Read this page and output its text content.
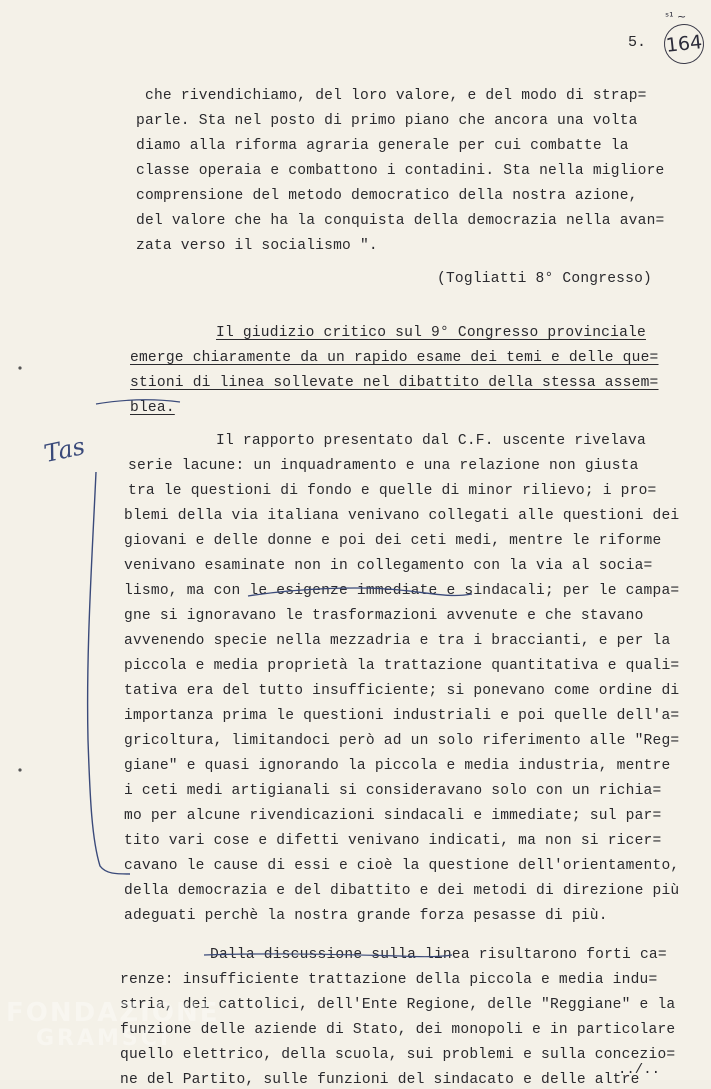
ˢ¹ ~
5. 164
che rivendichiamo, del loro valore, e del modo di strap=
parle. Sta nel posto di primo piano che ancora una volta
diamo alla riforma agraria generale per cui combatte la
classe operaia e combattono i contadini. Sta nella migliore
comprensione del metodo democratico della nostra azione,
del valore che ha la conquista della democrazia nella avan=
zata verso il socialismo ".
(Togliatti 8° Congresso)
Il giudizio critico sul 9° Congresso provinciale
emerge chiaramente da un rapido esame dei temi e delle que=
stioni di linea sollevate nel dibattito della stessa assem=
blea.
Il rapporto presentato dal C.F. uscente rivelava
serie lacune: un inquadramento e una relazione non giusta
tra le questioni di fondo e quelle di minor rilievo; i pro=
blemi della via italiana venivano collegati alle questioni dei
giovani e delle donne e poi dei ceti medi, mentre le riforme
venivano esaminate non in collegamento con la via al socia=
lismo, ma con le esigenze immediate e sindacali; per le campa=
gne si ignoravano le trasformazioni avvenute e che stavano
avvenendo specie nella mezzadria e tra i braccianti, e per la
piccola e media proprietà la trattazione quantitativa e quali=
tativa era del tutto insufficiente; si ponevano come ordine di
importanza prima le questioni industriali e poi quelle dell'a=
gricoltura, limitandoci però ad un solo riferimento alle "Reg=
giane" e quasi ignorando la piccola e media industria, mentre
i ceti medi artigianali si consideravano solo con un richia=
mo per alcune rivendicazioni sindacali e immediate; sul par=
tito vari cose e difetti venivano indicati, ma non si ricer=
cavano le cause di essi e cioè la questione dell'orientamento,
della democrazia e del dibattito e dei metodi di direzione più
adeguati perchè la nostra grande forza pesasse di più.
Dalla discussione sulla linea risultarono forti ca=
renze: insufficiente trattazione della piccola e media indu=
stria, dei cattolici, dell'Ente Regione, delle "Reggiane" e la
funzione delle aziende di Stato, dei monopoli e in particolare
quello elettrico, della scuola, sui problemi e sulla concezio=
ne del Partito, sulle funzioni del sindacato e delle altre
../..
Tas
FONDAZIONE
GRAMSCI
